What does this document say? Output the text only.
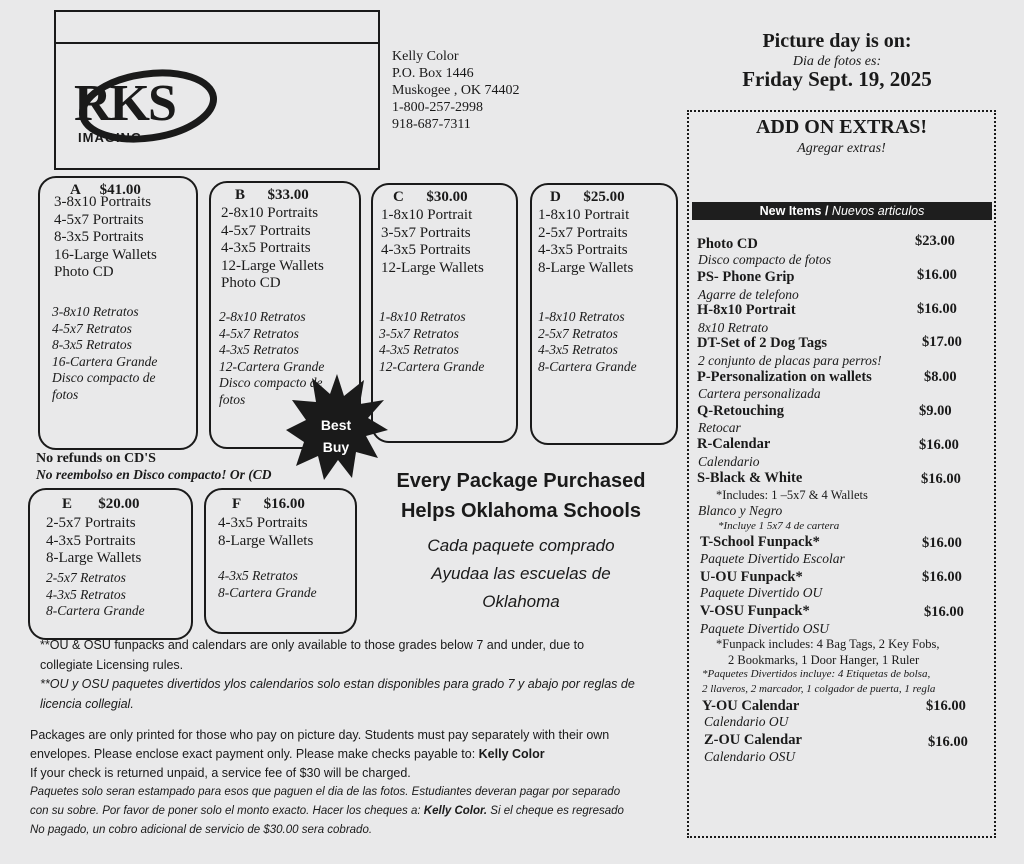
RKS
IMAGING
Kelly Color
P.O. Box 1446
Muskogee , OK 74402
1-800-257-2998
918-687-7311
Picture day is on:
Dia de fotos es:
Friday Sept. 19, 2025
A $41.00
3-8x10 Portraits
4-5x7 Portraits
8-3x5 Portraits
16-Large Wallets
Photo CD
3-8x10 Retratos
4-5x7 Retratos
8-3x5 Retratos
16-Cartera Grande
Disco compacto de
fotos
B $33.00
2-8x10 Portraits
4-5x7 Portraits
4-3x5 Portraits
12-Large Wallets
Photo CD
2-8x10 Retratos
4-5x7 Retratos
4-3x5 Retratos
12-Cartera Grande
Disco compacto de
fotos
C $30.00
1-8x10 Portrait
3-5x7 Portraits
4-3x5 Portraits
12-Large Wallets
1-8x10 Retratos
3-5x7 Retratos
4-3x5 Retratos
12-Cartera Grande
D $25.00
1-8x10 Portrait
2-5x7 Portraits
4-3x5 Portraits
8-Large Wallets
1-8x10 Retratos
2-5x7 Retratos
4-3x5 Retratos
8-Cartera Grande
Best
Buy
No refunds on CD'S
No reembolso en Disco compacto! Or (CD
E $20.00
2-5x7 Portraits
4-3x5 Portraits
8-Large Wallets
2-5x7 Retratos
4-3x5 Retratos
8-Cartera Grande
F $16.00
4-3x5 Portraits
8-Large Wallets
4-3x5 Retratos
8-Cartera Grande
Every Package Purchased
Helps Oklahoma Schools
Cada paquete comprado
Ayudaa las escuelas de
Oklahoma
**OU & OSU funpacks and calendars are only available to those grades below 7 and under, due to
collegiate Licensing rules.
**OU y OSU paquetes divertidos ylos calendarios solo estan disponibles para grado 7 y abajo por reglas de
licencia collegial.
Packages are only printed for those who pay on picture day. Students must pay separately with their own
envelopes. Please enclose exact payment only. Please make checks payable to: Kelly Color
If your check is returned unpaid, a service fee of $30 will be charged.
Paquetes solo seran estampado para esos que paguen el dia de las fotos. Estudiantes deveran pagar por separado
con su sobre. Por favor de poner solo el monto exacto. Hacer los cheques a: Kelly Color. Si el cheque es regresado
No pagado, un cobro adicional de servicio de $30.00 sera cobrado.
ADD ON EXTRAS!
Agregar extras!
New Items / Nuevos articulos
Photo CD	$23.00
Disco compacto de fotos
PS- Phone Grip	$16.00
Agarre de telefono
H-8x10 Portrait	$16.00
8x10 Retrato
DT-Set of 2 Dog Tags	$17.00
2 conjunto de placas para perros!
P-Personalization on wallets	$8.00
Cartera personalizada
Q-Retouching	$9.00
Retocar
R-Calendar	$16.00
Calendario
S-Black & White	$16.00
*Includes: 1 –5x7 & 4 Wallets
Blanco y Negro
*Incluye 1 5x7 4 de cartera
T-School Funpack*	$16.00
Paquete Divertido Escolar
U-OU Funpack*	$16.00
Paquete Divertido OU
V-OSU Funpack*	$16.00
Paquete Divertido OSU
*Funpack includes: 4 Bag Tags, 2 Key Fobs,
2 Bookmarks, 1 Door Hanger, 1 Ruler
*Paquetes Divertidos incluye: 4 Etiquetas de bolsa,
2 llaveros, 2 marcador, 1 colgador de puerta, 1 regla
Y-OU Calendar	$16.00
Calendario OU
Z-OU Calendar	$16.00
Calendario OSU
